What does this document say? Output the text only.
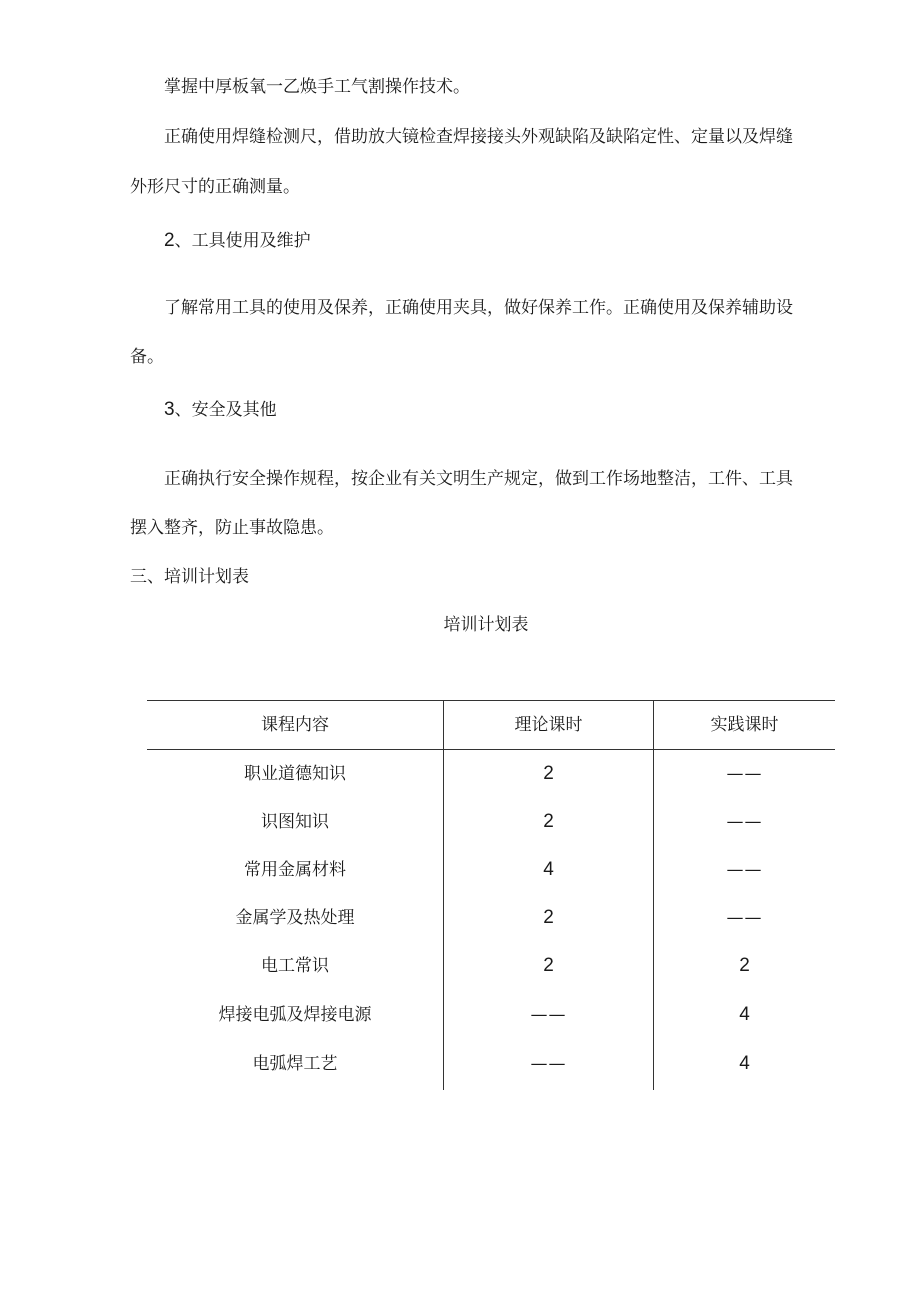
掌握中厚板氧一乙焕手工气割操作技术。
正确使用焊缝检测尺，借助放大镜检查焊接接头外观缺陷及缺陷定性、定量以及焊缝
外形尺寸的正确测量。
2、工具使用及维护
了解常用工具的使用及保养，正确使用夹具，做好保养工作。正确使用及保养辅助设
备。
3、安全及其他
正确执行安全操作规程，按企业有关文明生产规定，做到工作场地整洁，工件、工具
摆入整齐，防止事故隐患。
三、培训计划表
培训计划表
课程内容	理论课时	实践课时
职业道德知识	2	——
识图知识	2	——
常用金属材料	4	——
金属学及热处理	2	——
电工常识	2	2
焊接电弧及焊接电源	——	4
电弧焊工艺	——	4
